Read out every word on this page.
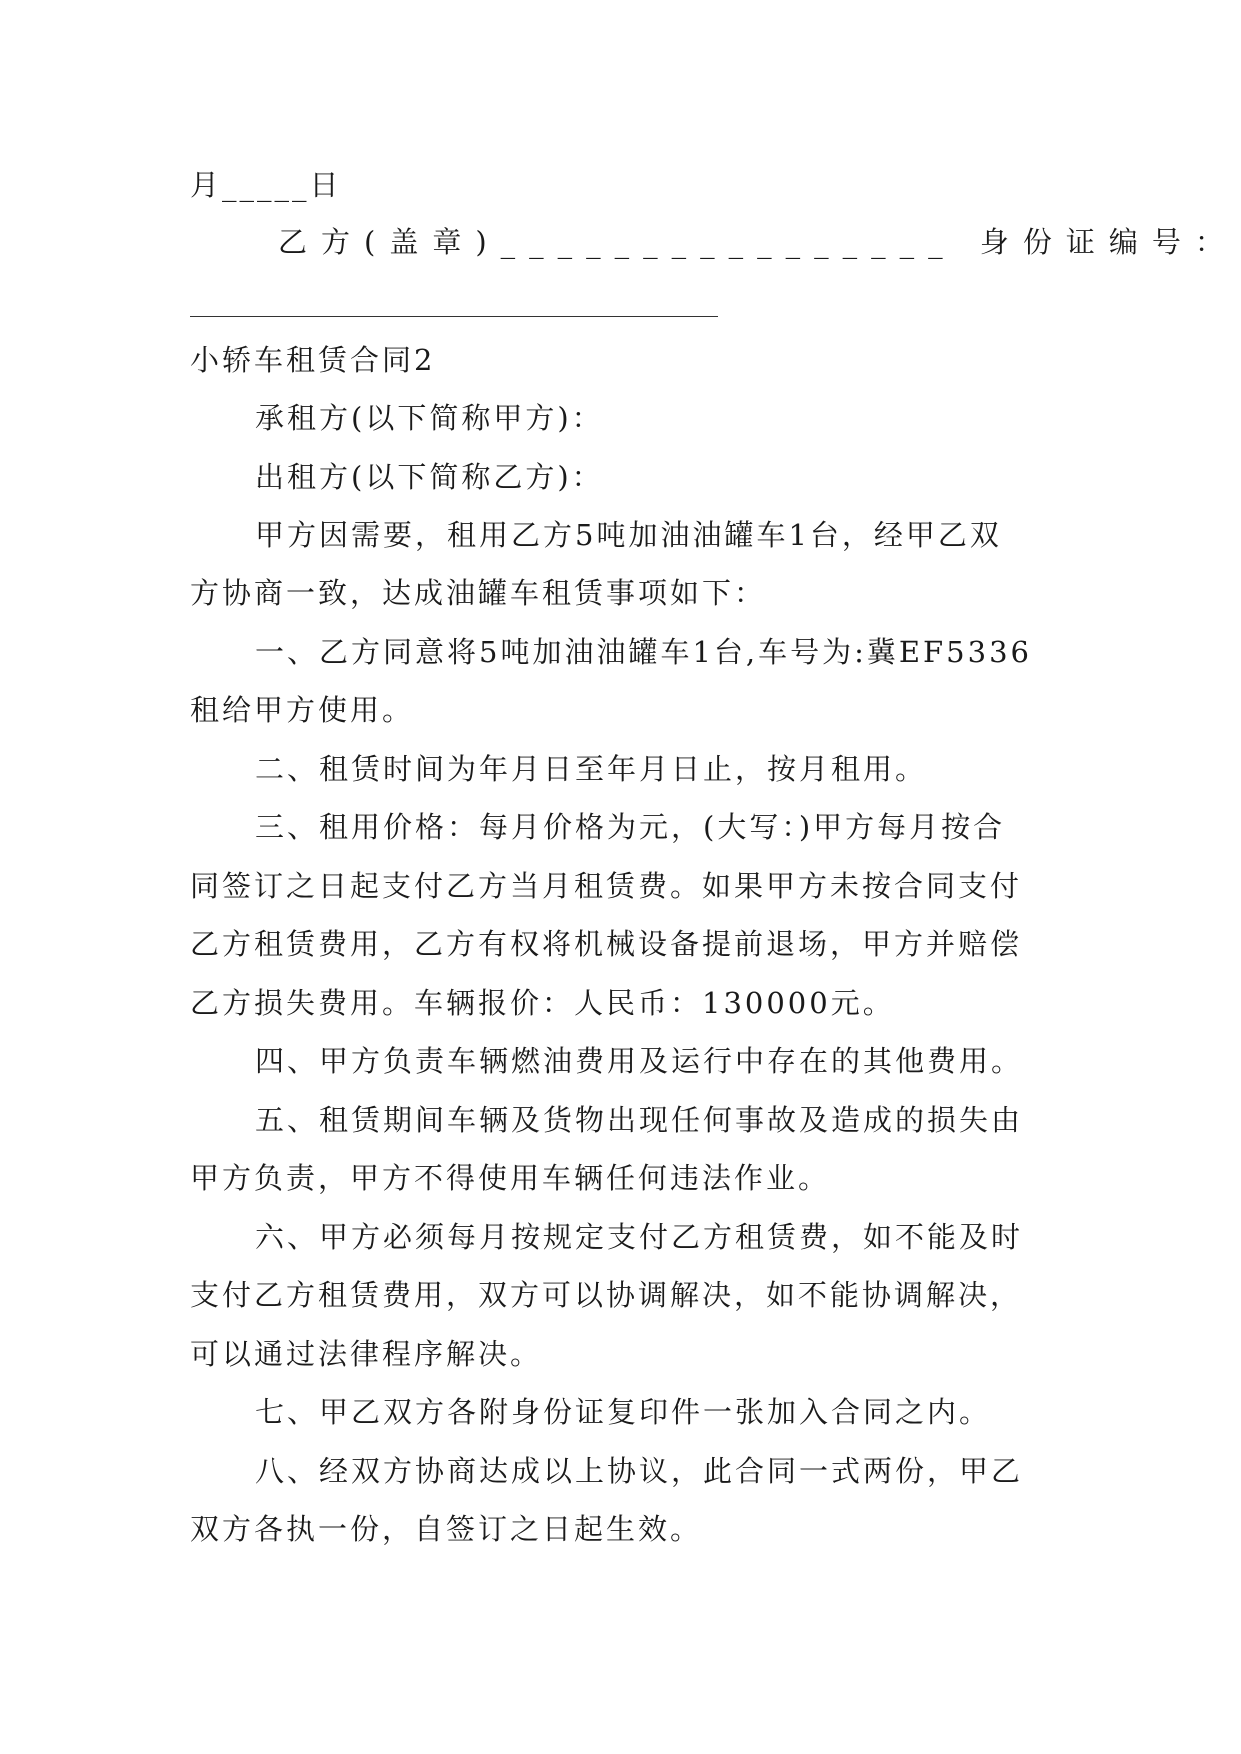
月_____日
乙方(盖章)________________ 身份证编号：
小轿车租赁合同2
承租方(以下简称甲方)：
出租方(以下简称乙方)：
甲方因需要，租用乙方5吨加油油罐车1台，经甲乙双
方协商一致，达成油罐车租赁事项如下：
一、乙方同意将5吨加油油罐车1台,车号为:冀EF5336
租给甲方使用。
二、租赁时间为年月日至年月日止，按月租用。
三、租用价格：每月价格为元，(大写：)甲方每月按合
同签订之日起支付乙方当月租赁费。如果甲方未按合同支付
乙方租赁费用，乙方有权将机械设备提前退场，甲方并赔偿
乙方损失费用。车辆报价：人民币：130000元。
四、甲方负责车辆燃油费用及运行中存在的其他费用。
五、租赁期间车辆及货物出现任何事故及造成的损失由
甲方负责，甲方不得使用车辆任何违法作业。
六、甲方必须每月按规定支付乙方租赁费，如不能及时
支付乙方租赁费用，双方可以协调解决，如不能协调解决，
可以通过法律程序解决。
七、甲乙双方各附身份证复印件一张加入合同之内。
八、经双方协商达成以上协议，此合同一式两份，甲乙
双方各执一份，自签订之日起生效。
